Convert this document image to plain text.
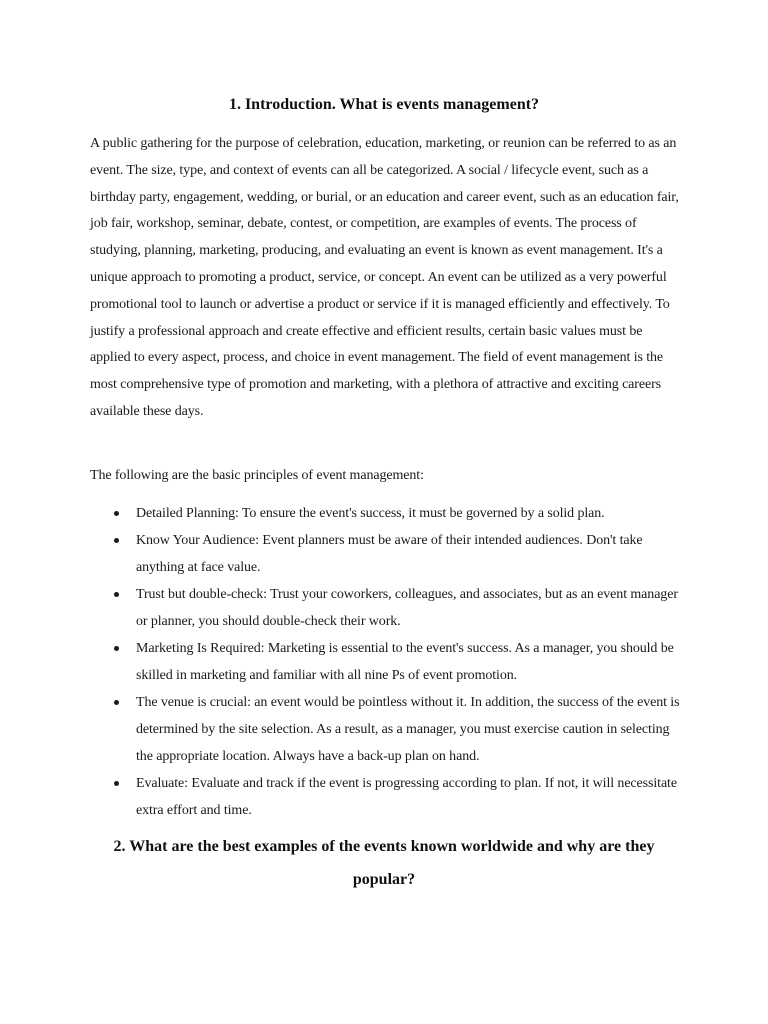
1. Introduction. What is events management?

A public gathering for the purpose of celebration, education, marketing, or reunion can be referred to as an event. The size, type, and context of events can all be categorized. A social / lifecycle event, such as a birthday party, engagement, wedding, or burial, or an education and career event, such as an education fair, job fair, workshop, seminar, debate, contest, or competition, are examples of events. The process of studying, planning, marketing, producing, and evaluating an event is known as event management. It's a unique approach to promoting a product, service, or concept. An event can be utilized as a very powerful promotional tool to launch or advertise a product or service if it is managed efficiently and effectively. To justify a professional approach and create effective and efficient results, certain basic values must be applied to every aspect, process, and choice in event management. The field of event management is the most comprehensive type of promotion and marketing, with a plethora of attractive and exciting careers available these days.

The following are the basic principles of event management:

Detailed Planning: To ensure the event's success, it must be governed by a solid plan.
Know Your Audience: Event planners must be aware of their intended audiences. Don't take anything at face value.
Trust but double-check: Trust your coworkers, colleagues, and associates, but as an event manager or planner, you should double-check their work.
Marketing Is Required: Marketing is essential to the event's success. As a manager, you should be skilled in marketing and familiar with all nine Ps of event promotion.
The venue is crucial: an event would be pointless without it. In addition, the success of the event is determined by the site selection. As a result, as a manager, you must exercise caution in selecting the appropriate location. Always have a back-up plan on hand.
Evaluate: Evaluate and track if the event is progressing according to plan. If not, it will necessitate extra effort and time.
2. What are the best examples of the events known worldwide and why are they popular?
